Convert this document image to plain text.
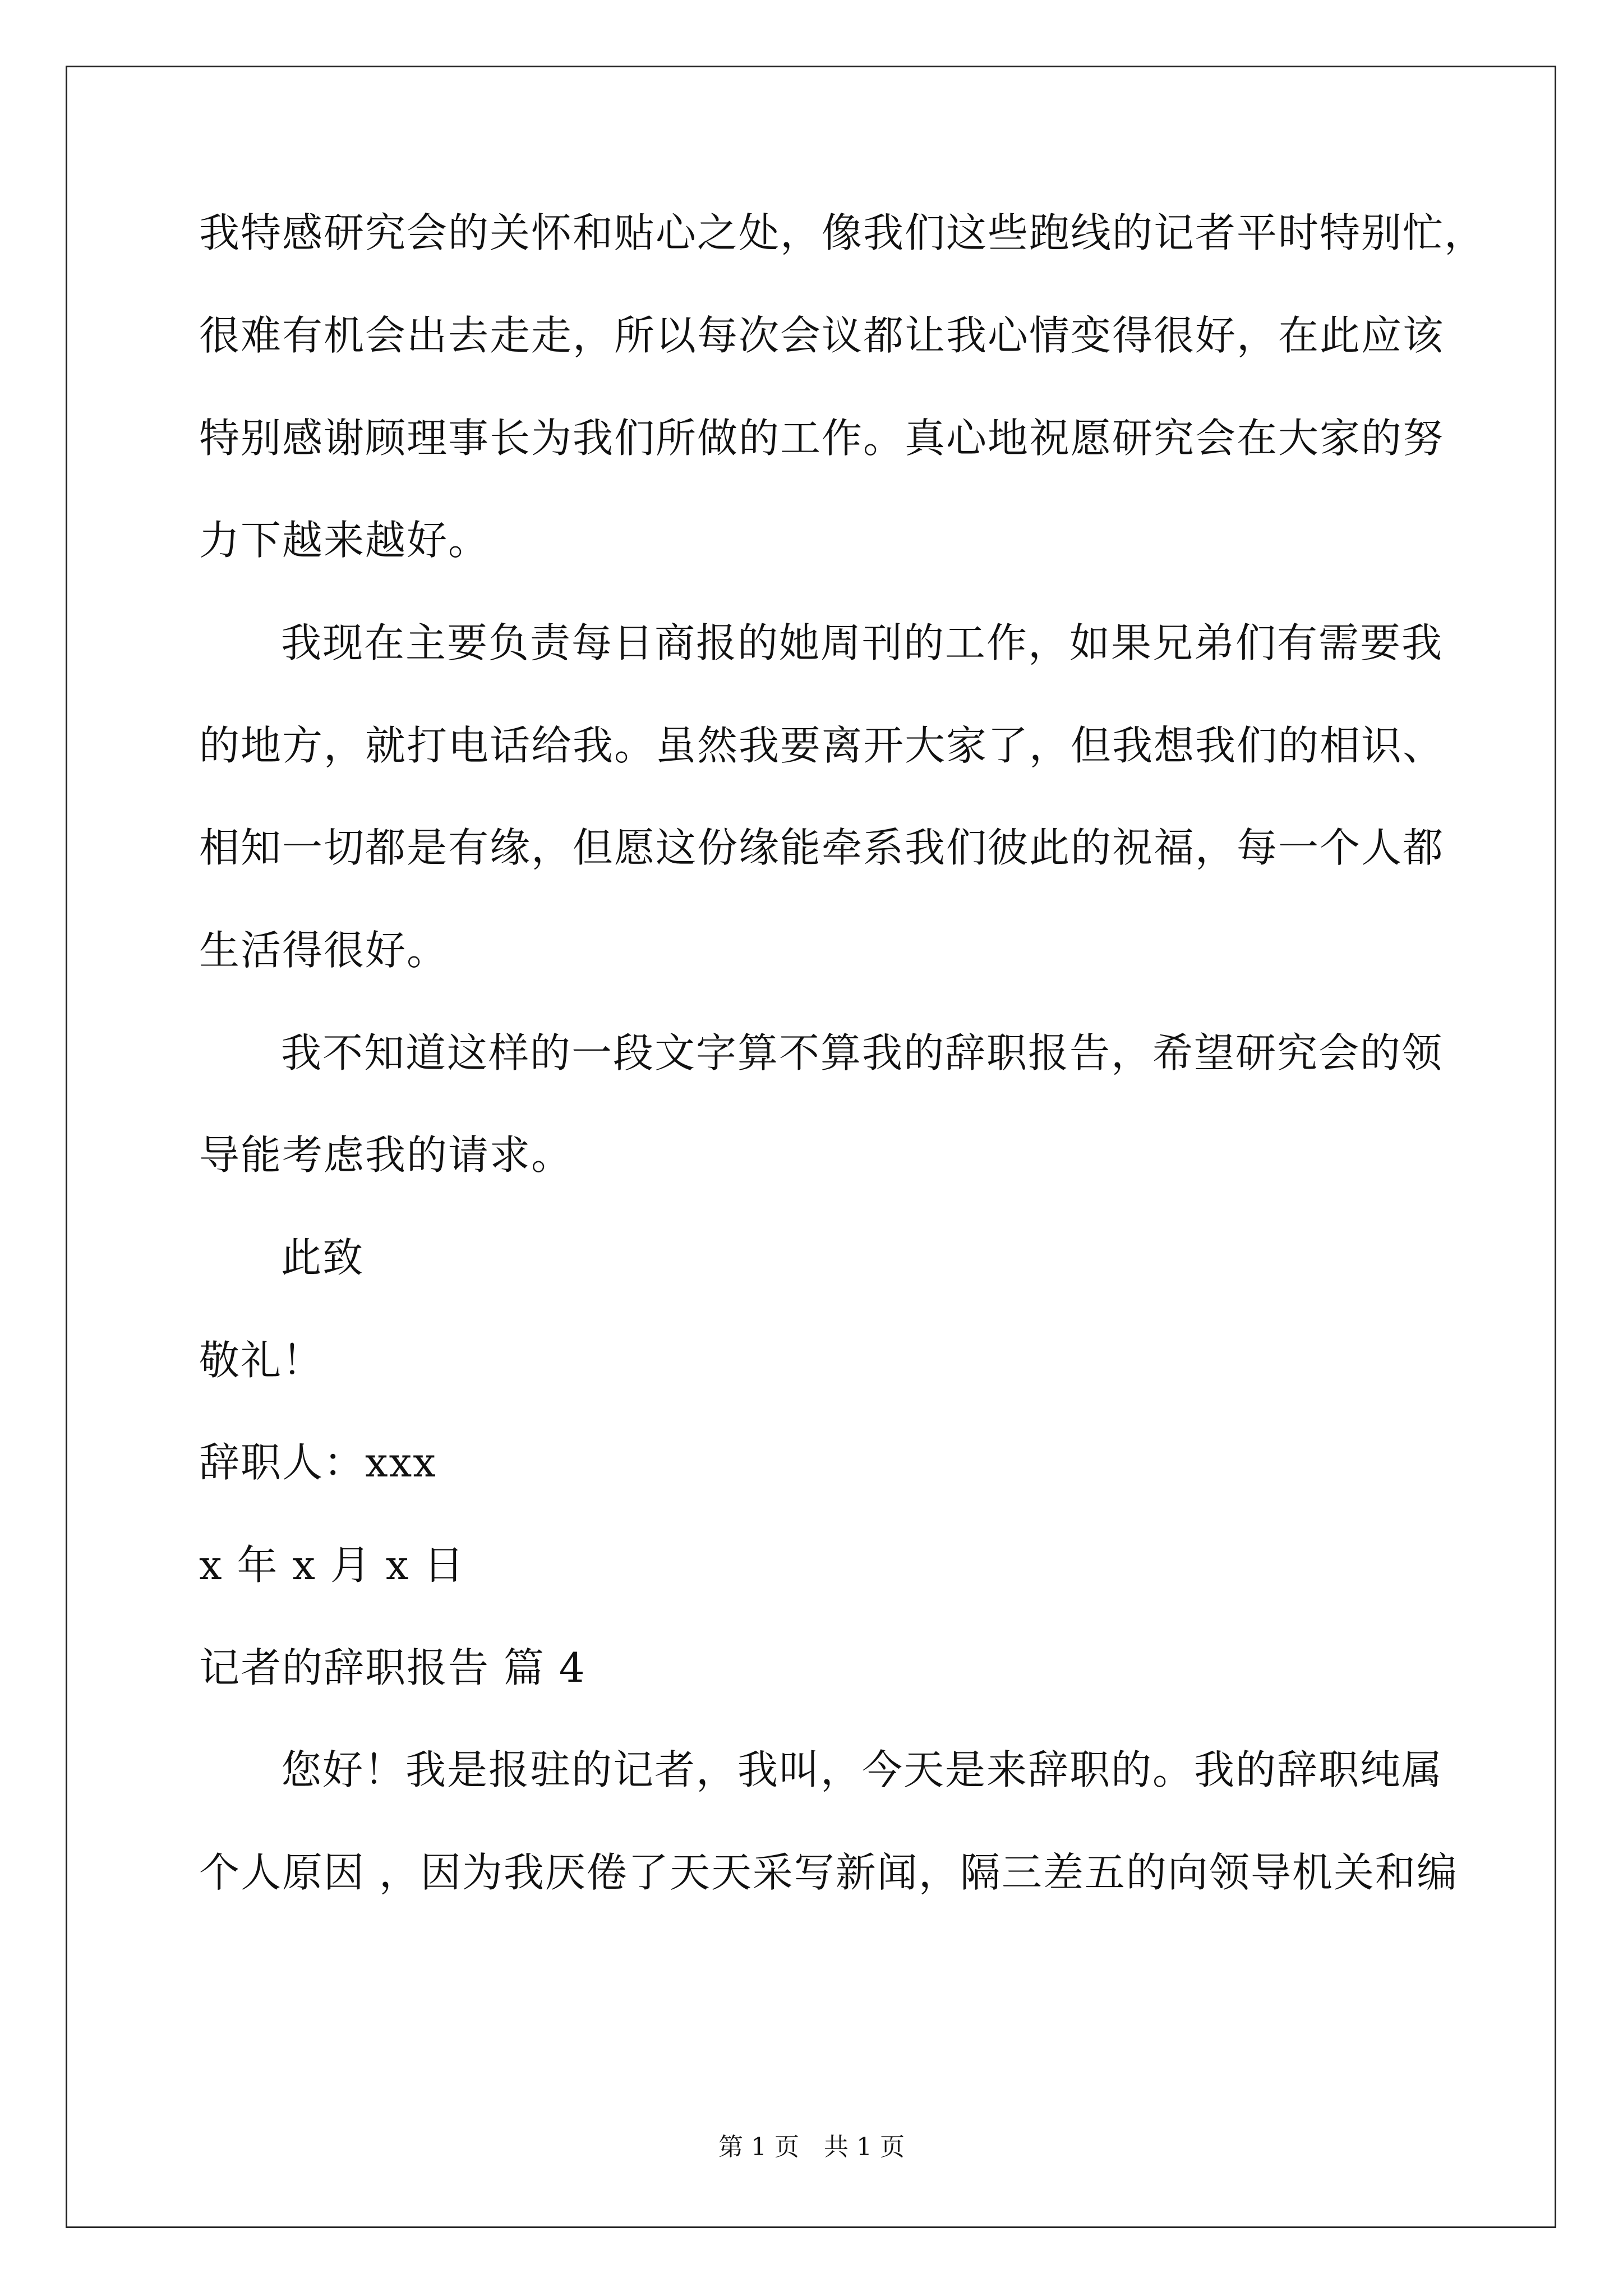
我特感研究会的关怀和贴心之处，像我们这些跑线的记者平时特别忙，
很难有机会出去走走，所以每次会议都让我心情变得很好，在此应该
特别感谢顾理事长为我们所做的工作。真心地祝愿研究会在大家的努
力下越来越好。
我现在主要负责每日商报的她周刊的工作，如果兄弟们有需要我
的地方，就打电话给我。虽然我要离开大家了，但我想我们的相识、
相知一切都是有缘，但愿这份缘能牵系我们彼此的祝福，每一个人都
生活得很好。
我不知道这样的一段文字算不算我的辞职报告，希望研究会的领
导能考虑我的请求。
此致
敬礼！
辞职人：xxx
x 年 x 月 x 日
记者的辞职报告 篇 4
您好！我是报驻的记者，我叫，今天是来辞职的。我的辞职纯属
个人原因 ，因为我厌倦了天天采写新闻，隔三差五的向领导机关和编
第 1 页　共 1 页
